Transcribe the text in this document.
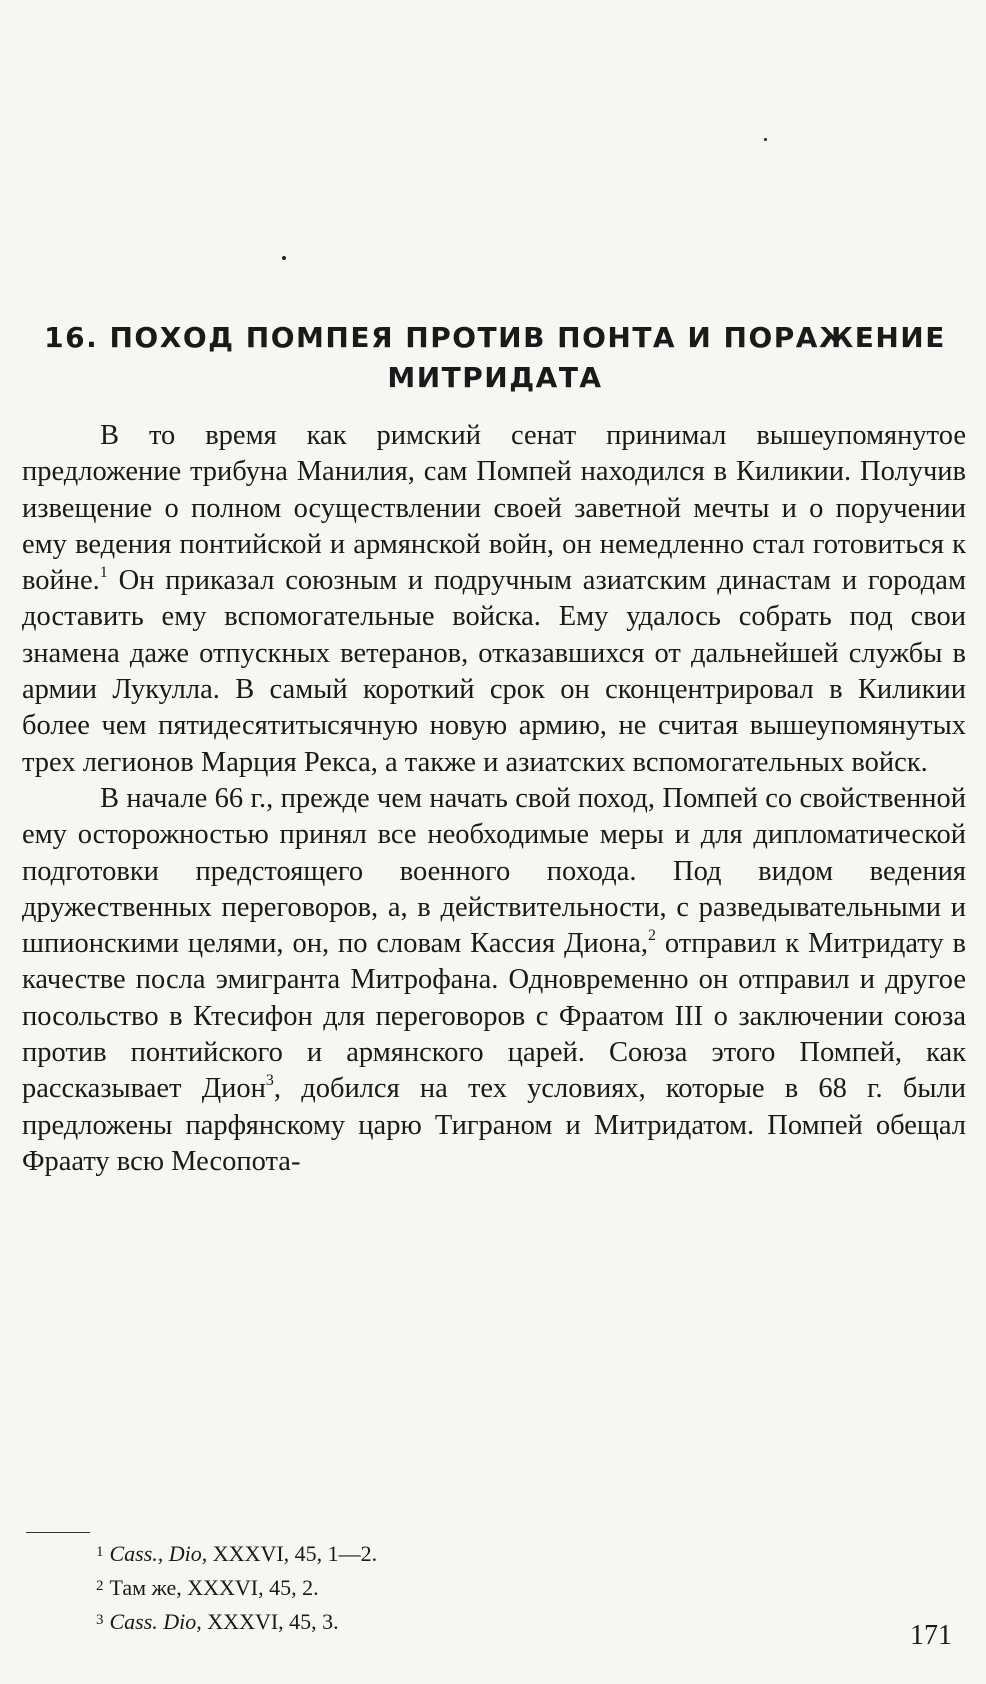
16. ПОХОД ПОМПЕЯ ПРОТИВ ПОНТА И ПОРАЖЕНИЕ
МИТРИДАТА

В то время как римский сенат принимал вышеупомянутое предложение трибуна Манилия, сам Помпей находился в Киликии. Получив извещение о полном осуществлении своей заветной мечты и о поручении ему ведения понтийской и армянской войн, он немедленно стал готовиться к войне.$^1$ Он приказал союзным и подручным азиатским династам и городам доставить ему вспомогательные войска. Ему удалось собрать под свои знамена даже отпускных ветеранов, отказавшихся от дальнейшей службы в армии Лукулла. В самый короткий срок он сконцентрировал в Киликии более чем пятидесятитысячную новую армию, не считая вышеупомянутых трех легионов Марция Рекса, а также и азиатских вспомогательных войск.

В начале 66 г., прежде чем начать свой поход, Помпей со свойственной ему осторожностью принял все необходимые меры и для дипломатической подготовки предстоящего военного похода. Под видом ведения дружественных переговоров, а, в действительности, с разведывательными и шпионскими целями, он, по словам Кассия Диона,$^2$ отправил к Митридату в качестве посла эмигранта Митрофана. Одновременно он отправил и другое посольство в Ктесифон для переговоров с Фраатом III о заключении союза против понтийского и армянского царей. Союза этого Помпей, как рассказывает Дион$^3$, добился на тех условиях, которые в 68 г. были предложены парфянскому царю Тиграном и Митридатом. Помпей обещал Фраату всю Месопота-

$^1$ Cass., Dio, XXXVI, 45, 1—2.
$^2$ Там же, XXXVI, 45, 2.
$^3$ Cass. Dio, XXXVI, 45, 3.	171
